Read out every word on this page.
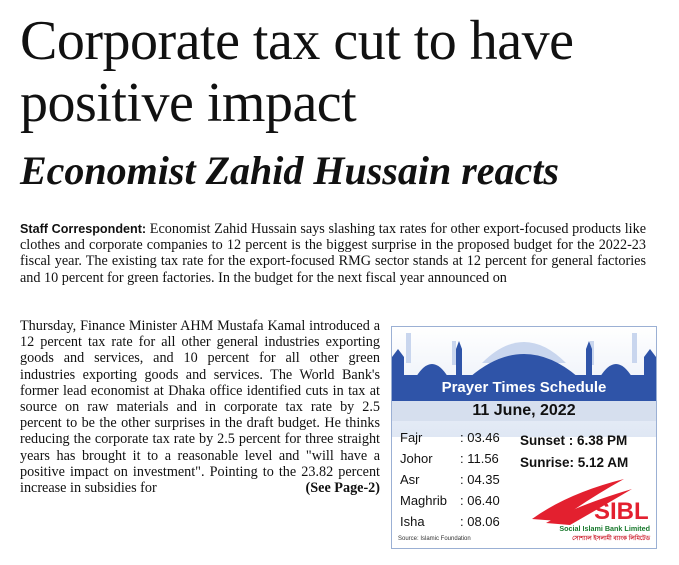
Corporate tax cut to have positive impact
Economist Zahid Hussain reacts

Staff Correspondent: Economist Zahid Hussain says slashing tax rates for other export-focused products like clothes and corporate companies to 12 percent is the biggest surprise in the proposed budget for the 2022-23 fiscal year. The existing tax rate for the export-focused RMG sector stands at 12 percent for general factories and 10 percent for green factories. In the budget for the next fiscal year announced on

Thursday, Finance Minister AHM Mustafa Kamal introduced a 12 percent tax rate for all other general industries exporting goods and services, and 10 percent for all other green industries exporting goods and services. The World Bank's former lead economist at Dhaka office identified cuts in tax at source on raw materials and in corporate tax rate by 2.5 percent to be the other surprises in the draft budget. He thinks reducing the corporate tax rate by 2.5 percent for three straight years has brought it to a reasonable level and "will have a positive impact on investment". Pointing to the 23.82 percent increase in subsidies for	(See Page-2)

Prayer Times Schedule
11 June, 2022
Fajr	: 03.46
Johor	: 11.56
Asr	: 04.35
Maghrib	: 06.40
Isha	: 08.06
Sunset : 6.38 PM
Sunrise: 5.12 AM
SIBL
Social Islami Bank Limited
সোশ্যাল ইসলামী ব্যাংক লিমিটেড
Source: Islamic Foundation
